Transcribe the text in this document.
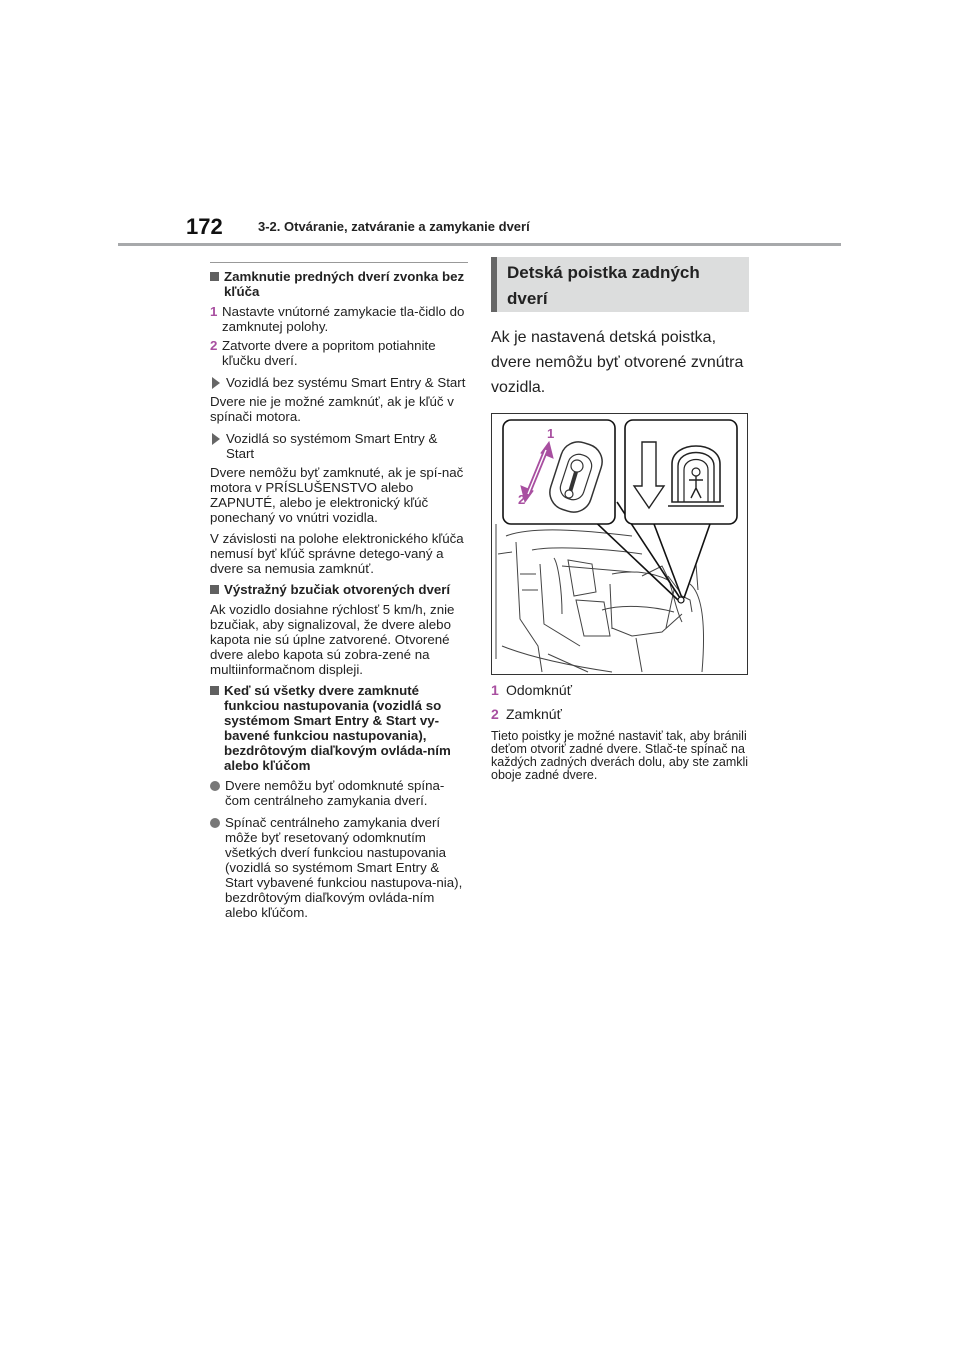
172	3-2. Otváranie, zatváranie a zamykanie dverí
Zamknutie predných dverí zvonka bez kľúča
1 Nastavte vnútorné zamykacie tla-čidlo do zamknutej polohy.
2 Zatvorte dvere a popritom potiahnite kľučku dverí.
Vozidlá bez systému Smart Entry & Start
Dvere nie je možné zamknúť, ak je kľúč v spínači motora.
Vozidlá so systémom Smart Entry & Start
Dvere nemôžu byť zamknuté, ak je spí-nač motora v PRÍSLUŠENSTVO alebo ZAPNUTÉ, alebo je elektronický kľúč ponechaný vo vnútri vozidla.
V závislosti na polohe elektronického kľúča nemusí byť kľúč správne detego-vaný a dvere sa nemusia zamknúť.
Výstražný bzučiak otvorených dverí
Ak vozidlo dosiahne rýchlosť 5 km/h, znie bzučiak, aby signalizoval, že dvere alebo kapota nie sú úplne zatvorené. Otvorené dvere alebo kapota sú zobra-zené na multiinformačnom displeji.
Keď sú všetky dvere zamknuté funkciou nastupovania (vozidlá so systémom Smart Entry & Start vy-bavené funkciou nastupovania), bezdrôtovým diaľkovým ovláda-ním alebo kľúčom
Dvere nemôžu byť odomknuté spína-čom centrálneho zamykania dverí.
Spínač centrálneho zamykania dverí môže byť resetovaný odomknutím všetkých dverí funkciou nastupovania (vozidlá so systémom Smart Entry & Start vybavené funkciou nastupova-nia), bezdrôtovým diaľkovým ovláda-ním alebo kľúčom.
Detská poistka zadných dverí
Ak je nastavená detská poistka, dvere nemôžu byť otvorené zvnútra vozidla.
1
2
1 Odomknúť
2 Zamknúť
Tieto poistky je možné nastaviť tak, aby bránili deťom otvoriť zadné dvere. Stlač-te spínač na každých zadných dverách dolu, aby ste zamkli oboje zadné dvere.
